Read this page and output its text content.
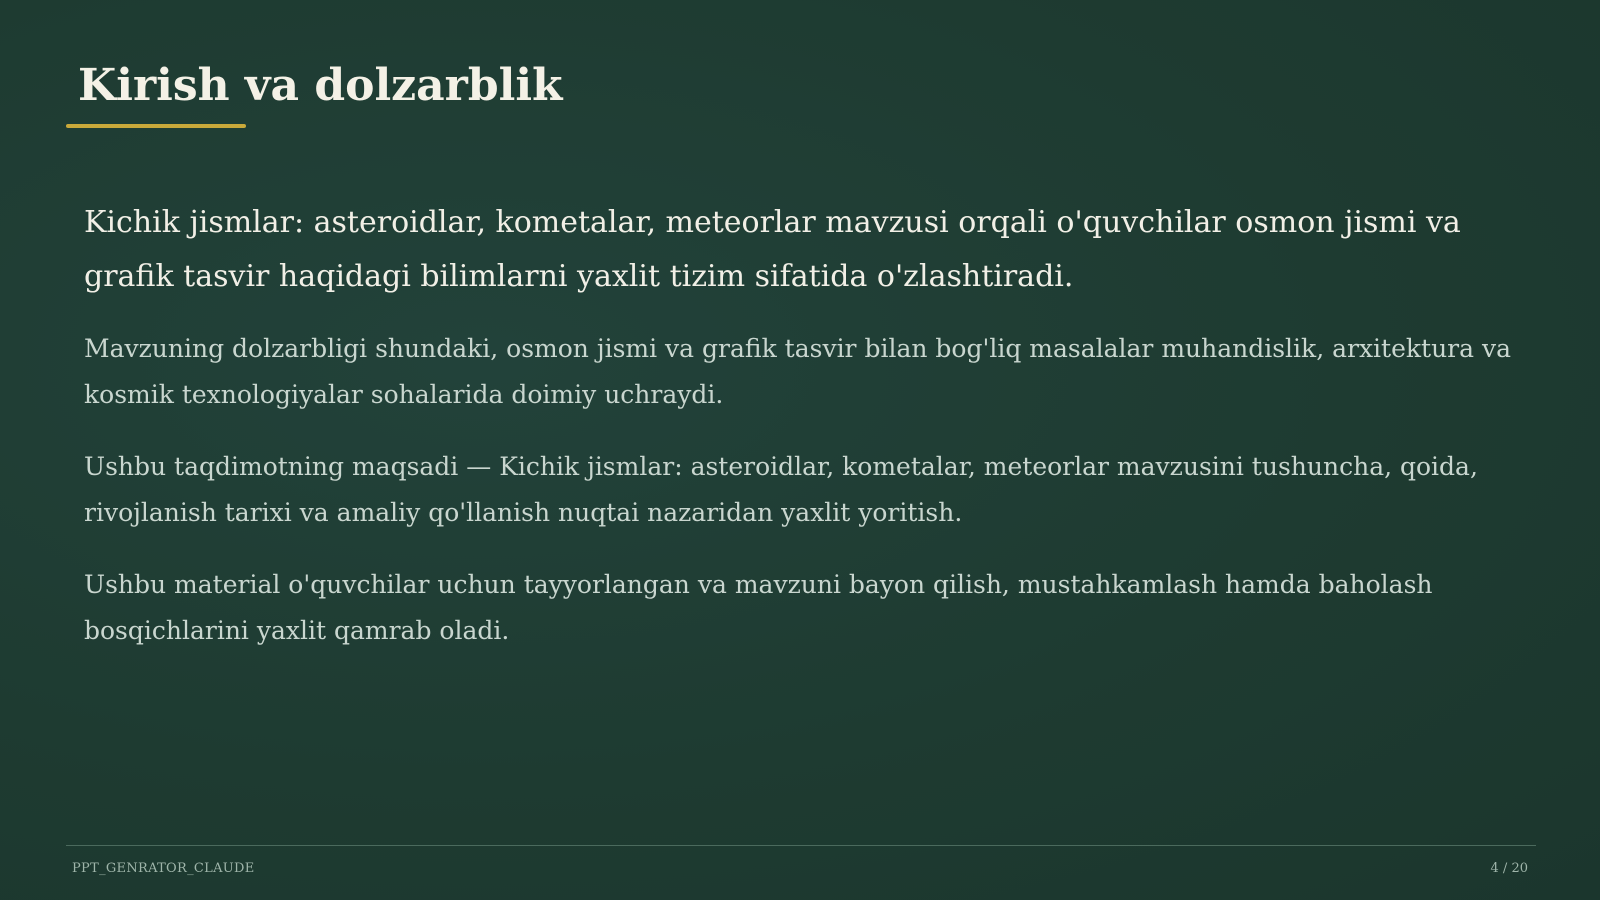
Kirish va dolzarblik

Kichik jismlar: asteroidlar, kometalar, meteorlar mavzusi orqali o'quvchilar osmon jismi va grafik tasvir haqidagi bilimlarni yaxlit tizim sifatida o'zlashtiradi.

Mavzuning dolzarbligi shundaki, osmon jismi va grafik tasvir bilan bog'liq masalalar muhandislik, arxitektura va kosmik texnologiyalar sohalarida doimiy uchraydi.

Ushbu taqdimotning maqsadi — Kichik jismlar: asteroidlar, kometalar, meteorlar mavzusini tushuncha, qoida, rivojlanish tarixi va amaliy qo'llanish nuqtai nazaridan yaxlit yoritish.

Ushbu material o'quvchilar uchun tayyorlangan va mavzuni bayon qilish, mustahkamlash hamda baholash bosqichlarini yaxlit qamrab oladi.

PPT_GENRATOR_CLAUDE	4 / 20
